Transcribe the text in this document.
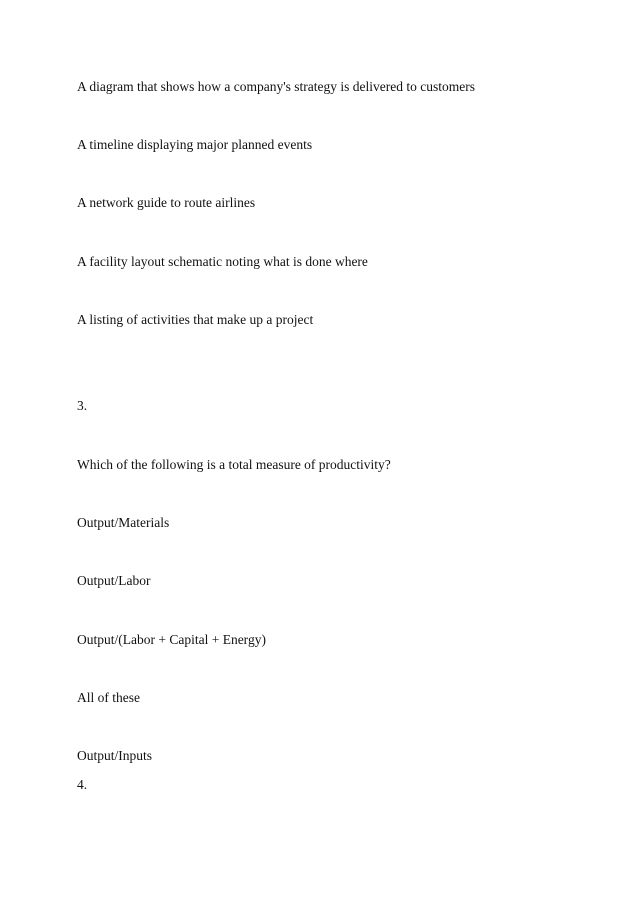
A diagram that shows how a company's strategy is delivered to customers
A timeline displaying major planned events
A network guide to route airlines
A facility layout schematic noting what is done where
A listing of activities that make up a project
3.
Which of the following is a total measure of productivity?
Output/Materials
Output/Labor
Output/(Labor + Capital + Energy)
All of these
Output/Inputs
4.
